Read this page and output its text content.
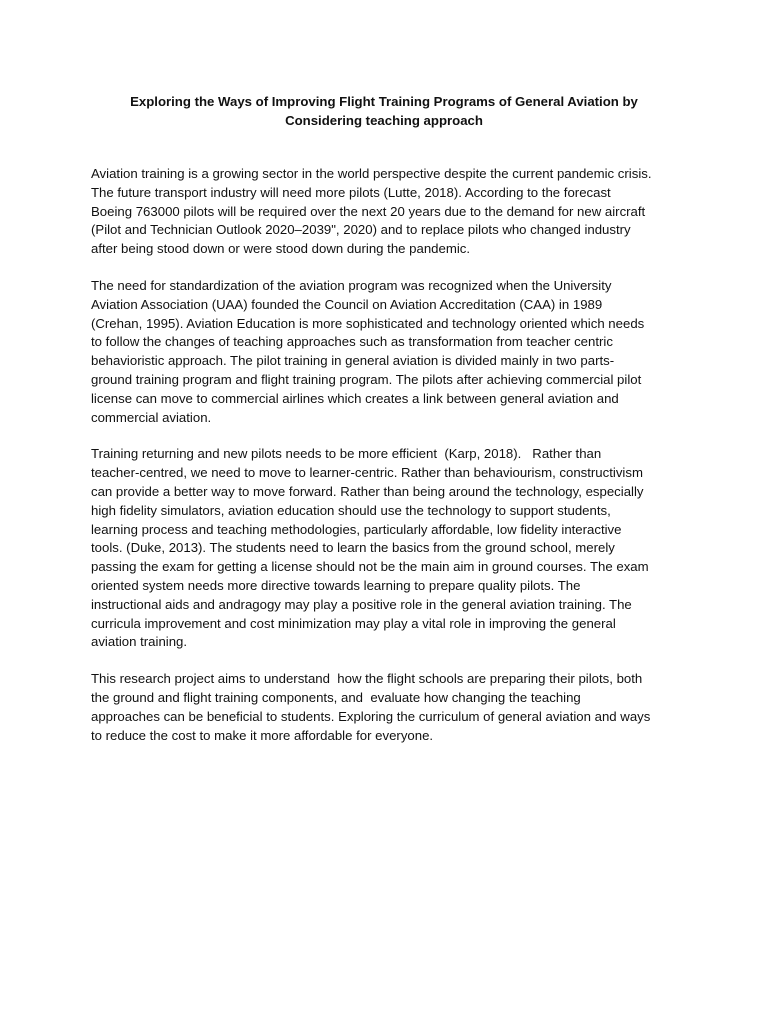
Exploring the Ways of Improving Flight Training Programs of General Aviation by
Considering teaching approach

Aviation training is a growing sector in the world perspective despite the current pandemic crisis.
The future transport industry will need more pilots (Lutte, 2018). According to the forecast
Boeing 763000 pilots will be required over the next 20 years due to the demand for new aircraft
(Pilot and Technician Outlook 2020–2039", 2020) and to replace pilots who changed industry
after being stood down or were stood down during the pandemic.

The need for standardization of the aviation program was recognized when the University
Aviation Association (UAA) founded the Council on Aviation Accreditation (CAA) in 1989
(Crehan, 1995). Aviation Education is more sophisticated and technology oriented which needs
to follow the changes of teaching approaches such as transformation from teacher centric
behavioristic approach. The pilot training in general aviation is divided mainly in two parts-
ground training program and flight training program. The pilots after achieving commercial pilot
license can move to commercial airlines which creates a link between general aviation and
commercial aviation.

Training returning and new pilots needs to be more efficient  (Karp, 2018).   Rather than
teacher-centred, we need to move to learner-centric. Rather than behaviourism, constructivism
can provide a better way to move forward. Rather than being around the technology, especially
high fidelity simulators, aviation education should use the technology to support students,
learning process and teaching methodologies, particularly affordable, low fidelity interactive
tools. (Duke, 2013). The students need to learn the basics from the ground school, merely
passing the exam for getting a license should not be the main aim in ground courses. The exam
oriented system needs more directive towards learning to prepare quality pilots. The
instructional aids and andragogy may play a positive role in the general aviation training. The
curricula improvement and cost minimization may play a vital role in improving the general
aviation training.

This research project aims to understand  how the flight schools are preparing their pilots, both
the ground and flight training components, and  evaluate how changing the teaching
approaches can be beneficial to students. Exploring the curriculum of general aviation and ways
to reduce the cost to make it more affordable for everyone.
